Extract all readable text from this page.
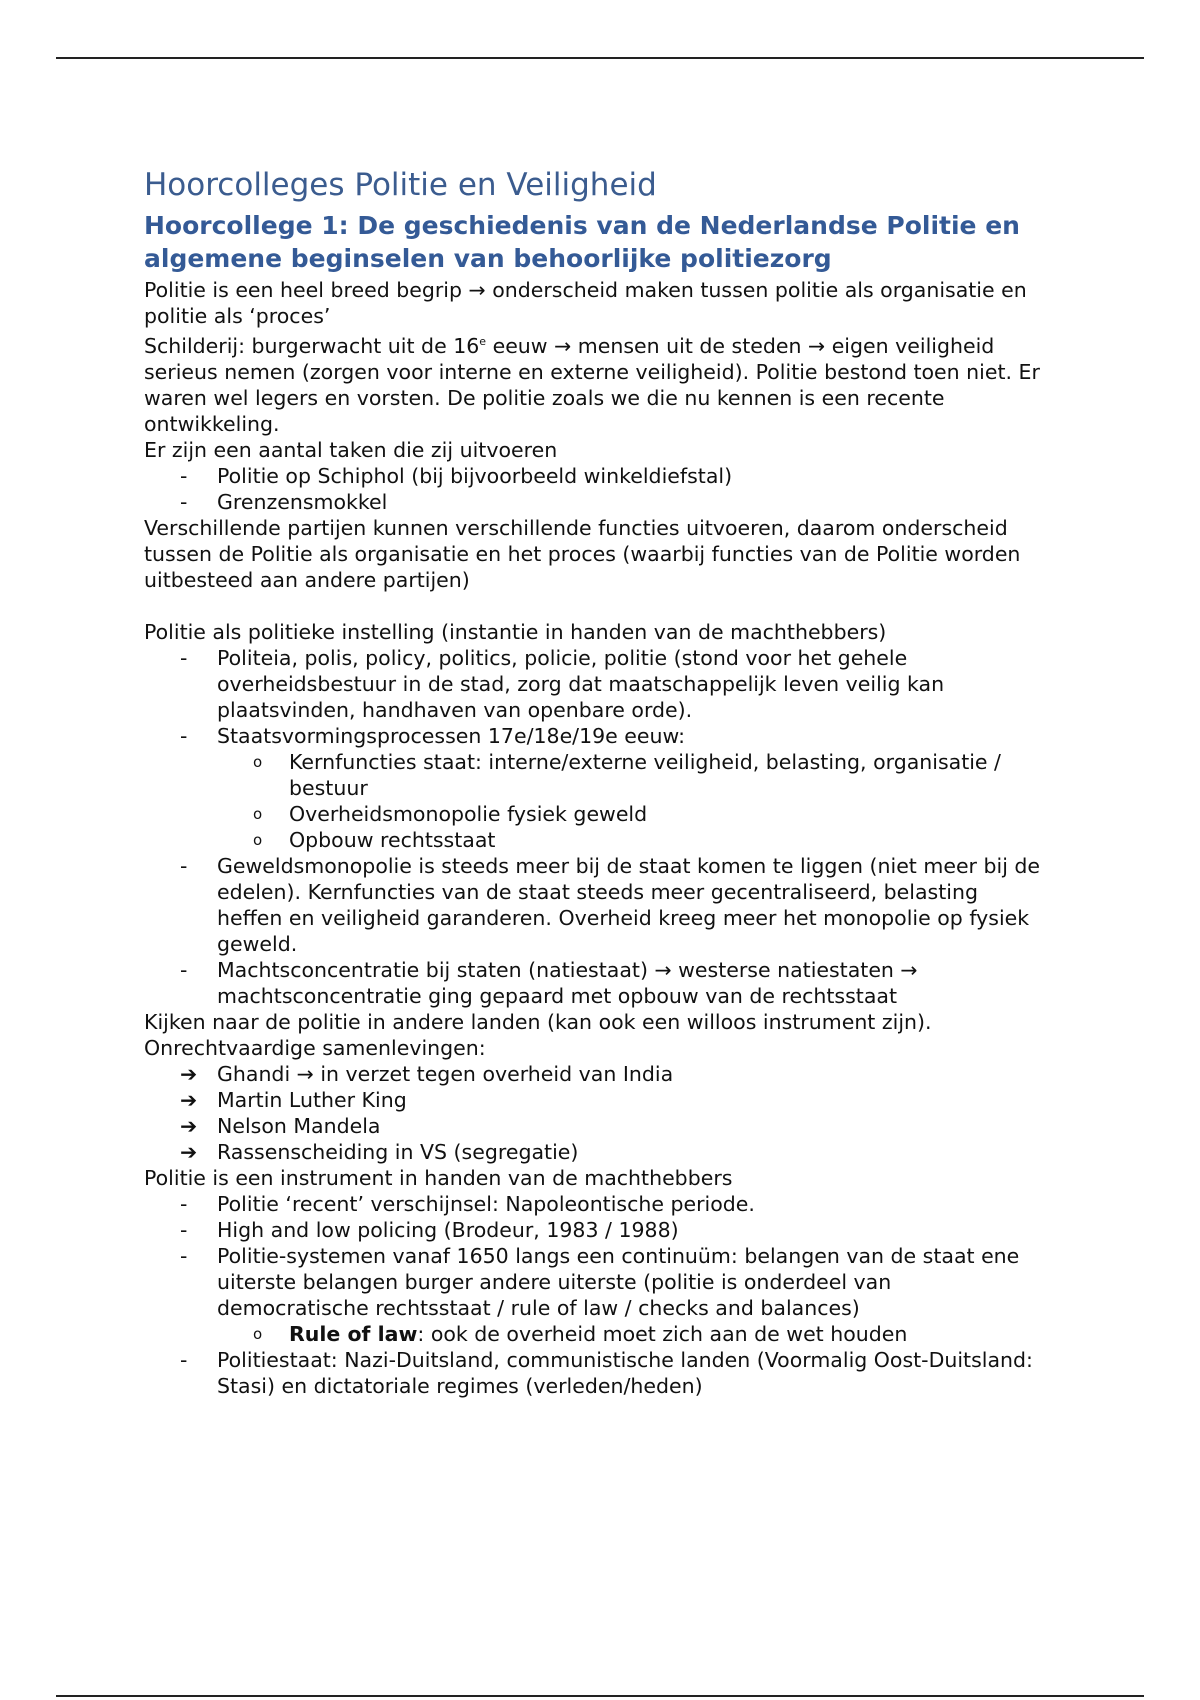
Hoorcolleges Politie en Veiligheid
Hoorcollege 1: De geschiedenis van de Nederlandse Politie en algemene beginselen van behoorlijke politiezorg

Politie is een heel breed begrip → onderscheid maken tussen politie als organisatie en politie als ‘proces’

Schilderij: burgerwacht uit de 16e eeuw → mensen uit de steden → eigen veiligheid serieus nemen (zorgen voor interne en externe veiligheid). Politie bestond toen niet. Er waren wel legers en vorsten. De politie zoals we die nu kennen is een recente ontwikkeling.

Er zijn een aantal taken die zij uitvoeren

- Politie op Schiphol (bij bijvoorbeeld winkeldiefstal)
- Grenzensmokkel

Verschillende partijen kunnen verschillende functies uitvoeren, daarom onderscheid tussen de Politie als organisatie en het proces (waarbij functies van de Politie worden uitbesteed aan andere partijen)

Politie als politieke instelling (instantie in handen van de machthebbers)

- Politeia, polis, policy, politics, policie, politie (stond voor het gehele overheidsbestuur in de stad, zorg dat maatschappelijk leven veilig kan plaatsvinden, handhaven van openbare orde).
- Staatsvormingsprocessen 17e/18e/19e eeuw:
o Kernfuncties staat: interne/externe veiligheid, belasting, organisatie / bestuur
o Overheidsmonopolie fysiek geweld
o Opbouw rechtsstaat
- Geweldsmonopolie is steeds meer bij de staat komen te liggen (niet meer bij de edelen). Kernfuncties van de staat steeds meer gecentraliseerd, belasting heffen en veiligheid garanderen. Overheid kreeg meer het monopolie op fysiek geweld.
- Machtsconcentratie bij staten (natiestaat) → westerse natiestaten → machtsconcentratie ging gepaard met opbouw van de rechtsstaat

Kijken naar de politie in andere landen (kan ook een willoos instrument zijn).

Onrechtvaardige samenlevingen:

➔ Ghandi → in verzet tegen overheid van India
➔ Martin Luther King
➔ Nelson Mandela
➔ Rassenscheiding in VS (segregatie)

Politie is een instrument in handen van de machthebbers

- Politie ‘recent’ verschijnsel: Napoleontische periode.
- High and low policing (Brodeur, 1983 / 1988)
- Politie-systemen vanaf 1650 langs een continuüm: belangen van de staat ene uiterste belangen burger andere uiterste (politie is onderdeel van democratische rechtsstaat / rule of law / checks and balances)
o Rule of law: ook de overheid moet zich aan de wet houden
- Politiestaat: Nazi-Duitsland, communistische landen (Voormalig Oost-Duitsland: Stasi) en dictatoriale regimes (verleden/heden)
